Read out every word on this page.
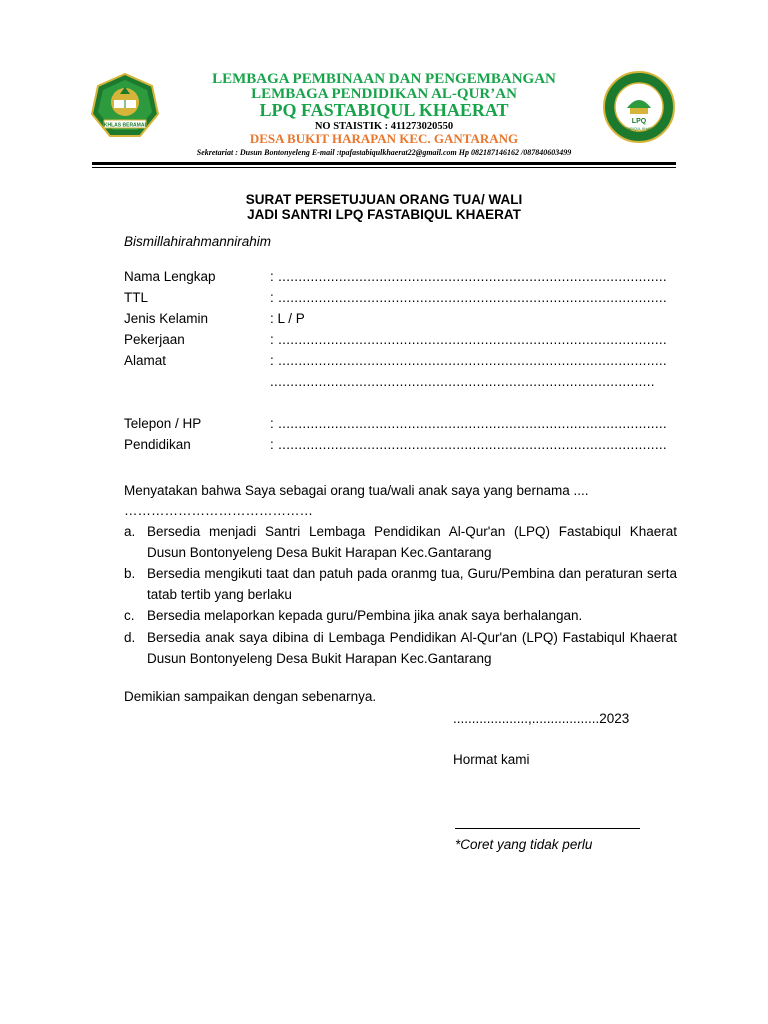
IKHLAS BERAMAL
LPQ
FASTABIQUL KHAERAT
LEMBAGA PEMBINAAN DAN PENGEMBANGAN
LEMBAGA PENDIDIKAN AL-QUR’AN
LPQ FASTABIQUL KHAERAT
NO STAISTIK : 411273020550
DESA BUKIT HARAPAN KEC. GANTARANG
Sekretariat : Dusun Bontonyeleng E-mail :tpafastabiqulkhaerat22@gmail.com Hp 082187146162 /087840603499
SURAT PERSETUJUAN ORANG TUA/ WALI
JADI SANTRI LPQ FASTABIQUL KHAERAT
Bismillahirahmannirahim
Nama Lengkap	: ................................................................................................
TTL	: ................................................................................................
Jenis Kelamin	: L / P
Pekerjaan	: ................................................................................................
Alamat	: ................................................................................................
...............................................................................................
Telepon / HP	: ................................................................................................
Pendidikan	: ................................................................................................
Menyatakan bahwa Saya sebagai orang tua/wali anak saya yang bernama ....
……………………………………
a. Bersedia menjadi Santri Lembaga Pendidikan Al-Qur'an (LPQ) Fastabiqul Khaerat Dusun Bontonyeleng Desa Bukit Harapan Kec.Gantarang
b. Bersedia mengikuti taat dan patuh pada oranmg tua, Guru/Pembina dan peraturan serta tatab tertib yang berlaku
c. Bersedia melaporkan kepada guru/Pembina jika anak saya berhalangan.
d. Bersedia anak saya dibina di Lembaga Pendidikan Al-Qur'an (LPQ) Fastabiqul Khaerat Dusun Bontonyeleng Desa Bukit Harapan Kec.Gantarang
Demikian sampaikan dengan sebenarnya.
....................,..................2023
Hormat kami
*Coret yang tidak perlu
